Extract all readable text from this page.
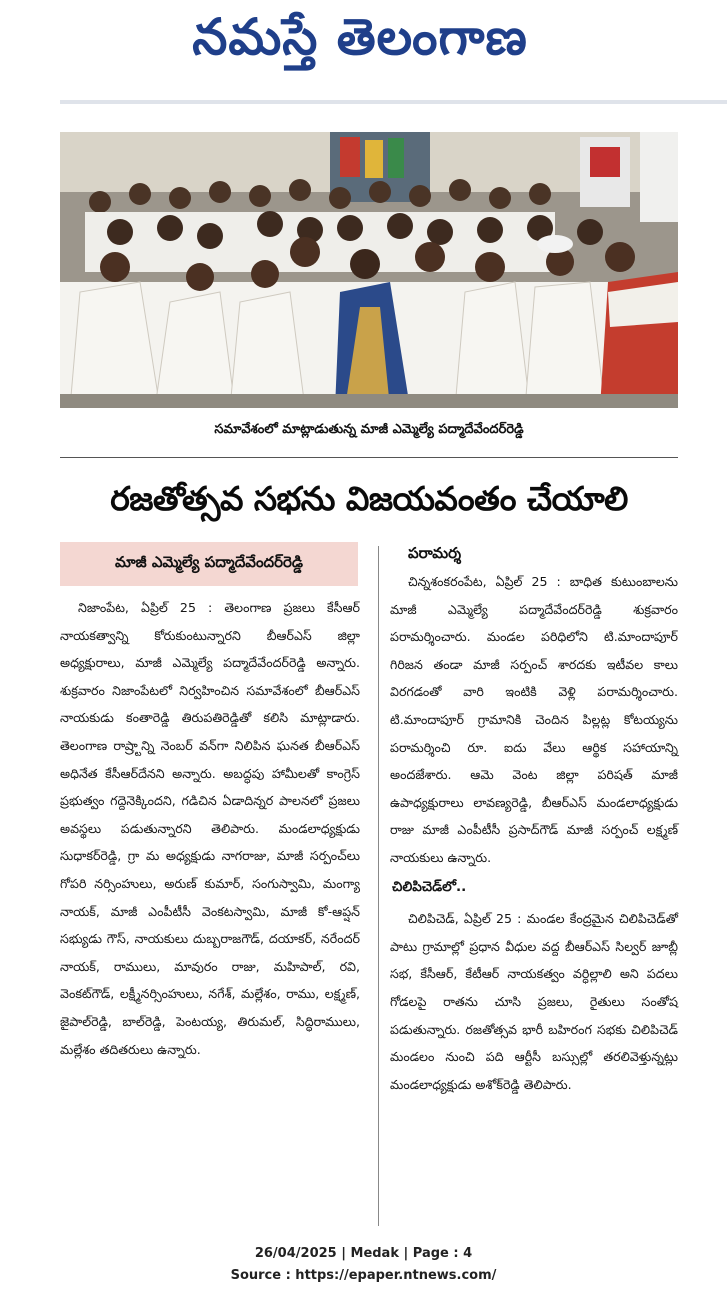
నమస్తే తెలంగాణ
సమావేశంలో మాట్లాడుతున్న మాజీ ఎమ్మెల్యే పద్మాదేవేందర్‌రెడ్డి
రజతోత్సవ సభను విజయవంతం చేయాలి
మాజీ ఎమ్మెల్యే పద్మాదేవేందర్‌రెడ్డి

నిజాంపేట, ఏప్రిల్ 25 : తెలంగాణ ప్రజలు కేసీఆర్ నాయకత్వాన్ని కోరుకుంటున్నారని బీఆర్‌ఎస్ జిల్లా అధ్యక్షురాలు, మాజీ ఎమ్మెల్యే పద్మాదేవేందర్‌రెడ్డి అన్నారు. శుక్రవారం నిజాంపేటలో నిర్వహించిన సమావేశంలో బీఆర్‌ఎస్ నాయకుడు కంతారెడ్డి తిరుపతిరెడ్డితో కలిసి మాట్లాడారు. తెలంగాణ రాష్ర్టాన్ని నెంబర్ వన్‌గా నిలిపిన ఘనత బీఆర్‌ఎస్ అధినేత కేసీఆర్‌దేనని అన్నారు. అబద్ధపు హామీలతో కాంగ్రెస్ ప్రభుత్వం గద్దెనెక్కిందని, గడిచిన ఏడాదిన్నర పాలనలో ప్రజలు అవస్థలు పడుతున్నారని తెలిపారు. మండలాధ్యక్షుడు సుధాకర్‌రెడ్డి, గ్రా మ అధ్యక్షుడు నాగరాజు, మాజీ సర్పంచ్‌లు గోపరి నర్సింహులు, అరుణ్ కుమార్, సంగుస్వామి, మంగ్యా నాయక్, మాజీ ఎంపీటీసీ వెంకటస్వామి, మాజీ కో-ఆప్షన్ సభ్యుడు గౌస్, నాయకులు దుబ్బరాజగౌడ్, దయాకర్, నరేందర్ నాయక్, రాములు, మావురం రాజు, మహిపాల్, రవి, వెంకట్‌గౌడ్, లక్ష్మీనర్సింహులు, నగేశ్, మల్లేశం, రాము, లక్ష్మణ్, జైపాల్‌రెడ్డి, బాల్‌రెడ్డి, పెంటయ్య, తిరుమల్, సిద్ధిరాములు, మల్లేశం తదితరులు ఉన్నారు.

పరామర్శ

చిన్నశంకరంపేట, ఏప్రిల్ 25 : బాధిత కుటుంబాలను మాజీ ఎమ్మెల్యే పద్మాదేవేందర్‌రెడ్డి శుక్రవారం పరామర్శించారు. మండల పరిధిలోని టి.మాందాపూర్ గిరిజన తండా మాజీ సర్పంచ్ శారదకు ఇటీవల కాలు విరగడంతో వారి ఇంటికి వెళ్లి పరామర్శించారు. టి.మాందాపూర్ గ్రామానికి చెందిన పిల్లట్ల కోటయ్యను పరామర్శించి రూ. ఐదు వేలు ఆర్థిక సహాయాన్ని అందజేశారు. ఆమె వెంట జిల్లా పరిషత్ మాజీ ఉపాధ్యక్షురాలు లావణ్యరెడ్డి, బీఆర్‌ఎస్ మండలాధ్యక్షుడు రాజు మాజీ ఎంపీటీసీ ప్రసాద్‌గౌడ్ మాజీ సర్పంచ్ లక్ష్మణ్ నాయకులు ఉన్నారు.

చిలిపిచెడ్‌లో..

చిలిపిచెడ్, ఏప్రిల్ 25 : మండల కేంద్రమైన చిలిపిచెడ్‌తో పాటు గ్రామాల్లో ప్రధాన వీధుల వద్ద బీఆర్‌ఎస్ సిల్వర్ జూబ్లీ సభ, కేసీఆర్, కేటీఆర్ నాయకత్వం వర్ధిల్లాలి అని పదలు గోడలపై రాతను చూసి ప్రజలు, రైతులు సంతోష పడుతున్నారు. రజతోత్సవ భారీ బహిరంగ సభకు చిలిపిచెడ్ మండలం నుంచి పది ఆర్టీసీ బస్సుల్లో తరలివెళ్తున్నట్లు మండలాధ్యక్షుడు అశోక్‌రెడ్డి తెలిపారు.

26/04/2025 | Medak | Page : 4
Source : https://epaper.ntnews.com/
